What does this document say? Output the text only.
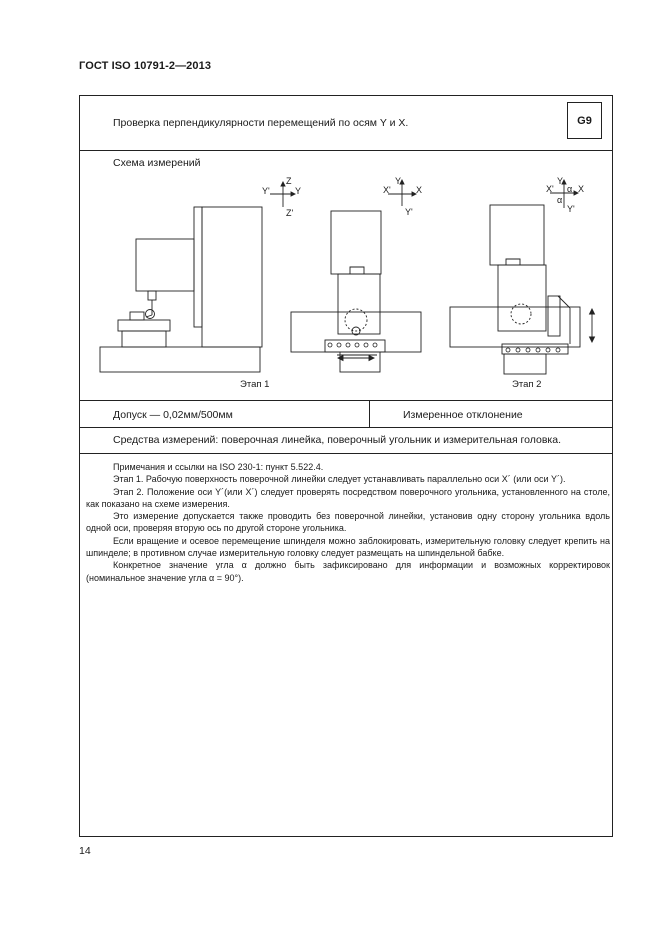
ГОСТ ISO 10791-2—2013
Проверка перпендикулярности перемещений по осям Y и X.	G9
Схема измерений
Z
Y'	Y
Z'
Y
X'	X
Y'
Y
X' α X
α
Y'
Этап 1	Этап 2
Допуск — 0,02мм/500мм	Измеренное отклонение
Средства измерений: поверочная линейка, поверочный угольник и измерительная головка.

Примечания и ссылки на ISO 230-1: пункт 5.522.4.

Этап 1. Рабочую поверхность поверочной линейки следует устанавливать параллельно оси X´ (или оси Y´).

Этап 2. Положение оси Y´(или X´) следует проверять посредством поверочного угольника, установленного на столе, как показано на схеме измерения.

Это измерение допускается также проводить без поверочной линейки, установив одну сторону угольника вдоль одной оси, проверяя вторую ось по другой стороне угольника.

Если вращение и осевое перемещение шпинделя можно заблокировать, измерительную головку следует крепить на шпинделе; в противном случае измерительную головку следует размещать на шпиндельной бабке.

Конкретное значение угла α должно быть зафиксировано для информации и возможных корректировок (номинальное значение угла α = 90°).

14
